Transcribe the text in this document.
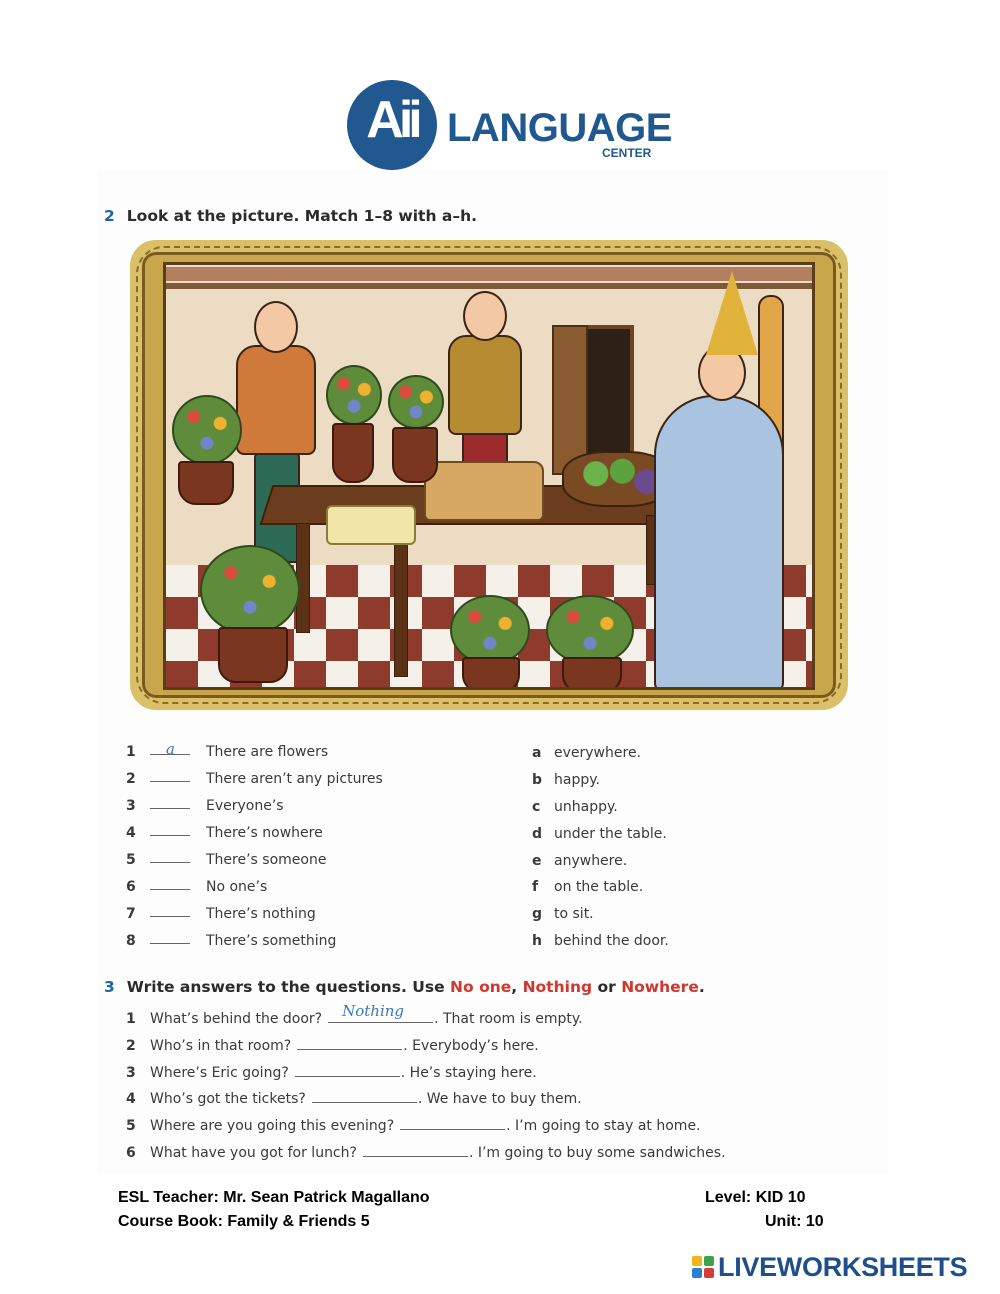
Aii LANGUAGE
CENTER
2 Look at the picture. Match 1–8 with a–h.
1 a There are flowers
2	There aren’t any pictures
3	Everyone’s
4	There’s nowhere
5	There’s someone
6	No one’s
7	There’s nothing
8	There’s something
a everywhere.
b happy.
c unhappy.
d under the table.
e anywhere.
f	on the table.
g to sit.
h behind the door.
3 Write answers to the questions. Use No one, Nothing or Nowhere.
1 What’s behind the door? Nothing . That room is empty.
2 Who’s in that room?	. Everybody’s here.
3 Where’s Eric going?	. He’s staying here.
4 Who’s got the tickets?	. We have to buy them.
5 Where are you going this evening?	. I’m going to stay at home.
6 What have you got for lunch?	. I’m going to buy some sandwiches.
ESL Teacher: Mr. Sean Patrick Magallano	Level: KID 10
Course Book: Family & Friends 5	Unit: 10
LIVEWORKSHEETS
